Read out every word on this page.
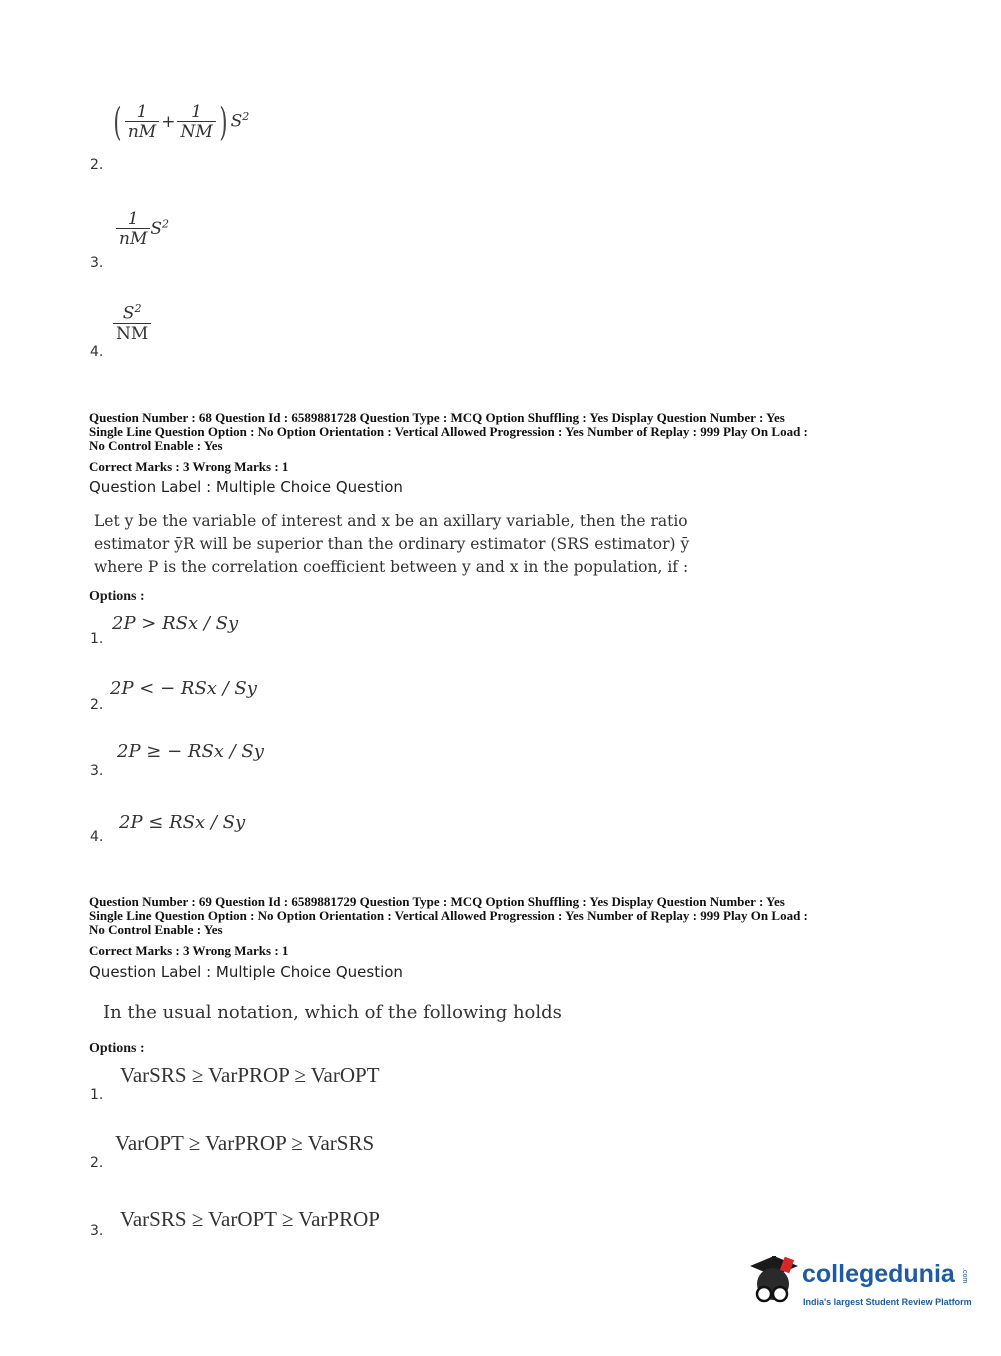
( $\frac{1}{nM} + \frac{1}{NM}$ ) $S^2$
2.
$\frac{1}{nM} S^2$
3.
$\frac{S^2}{NM}$
4.
Question Number : 68 Question Id : 6589881728 Question Type : MCQ Option Shuffling : Yes Display Question Number : Yes
Single Line Question Option : No Option Orientation : Vertical Allowed Progression : Yes Number of Replay : 999 Play On Load :
No Control Enable : Yes
Correct Marks : 3 Wrong Marks : 1
Question Label : Multiple Choice Question
Let y be the variable of interest and x be an axillary variable, then the ratio
estimator ȳR will be superior than the ordinary estimator (SRS estimator) ȳ
where P is the correlation coefficient between y and x in the population, if :
Options :
2P > RSx / Sy
1.
2P < − RSx / Sy
2.
2P ≥ − RSx / Sy
3.
2P ≤ RSx / Sy
4.
Question Number : 69 Question Id : 6589881729 Question Type : MCQ Option Shuffling : Yes Display Question Number : Yes
Single Line Question Option : No Option Orientation : Vertical Allowed Progression : Yes Number of Replay : 999 Play On Load :
No Control Enable : Yes
Correct Marks : 3 Wrong Marks : 1
Question Label : Multiple Choice Question
In the usual notation, which of the following holds
Options :
VarSRS ≥ VarPROP ≥ VarOPT
1.
VarOPT ≥ VarPROP ≥ VarSRS
2.
VarSRS ≥ VarOPT ≥ VarPROP
3.
collegedunia .com
India's largest Student Review Platform
